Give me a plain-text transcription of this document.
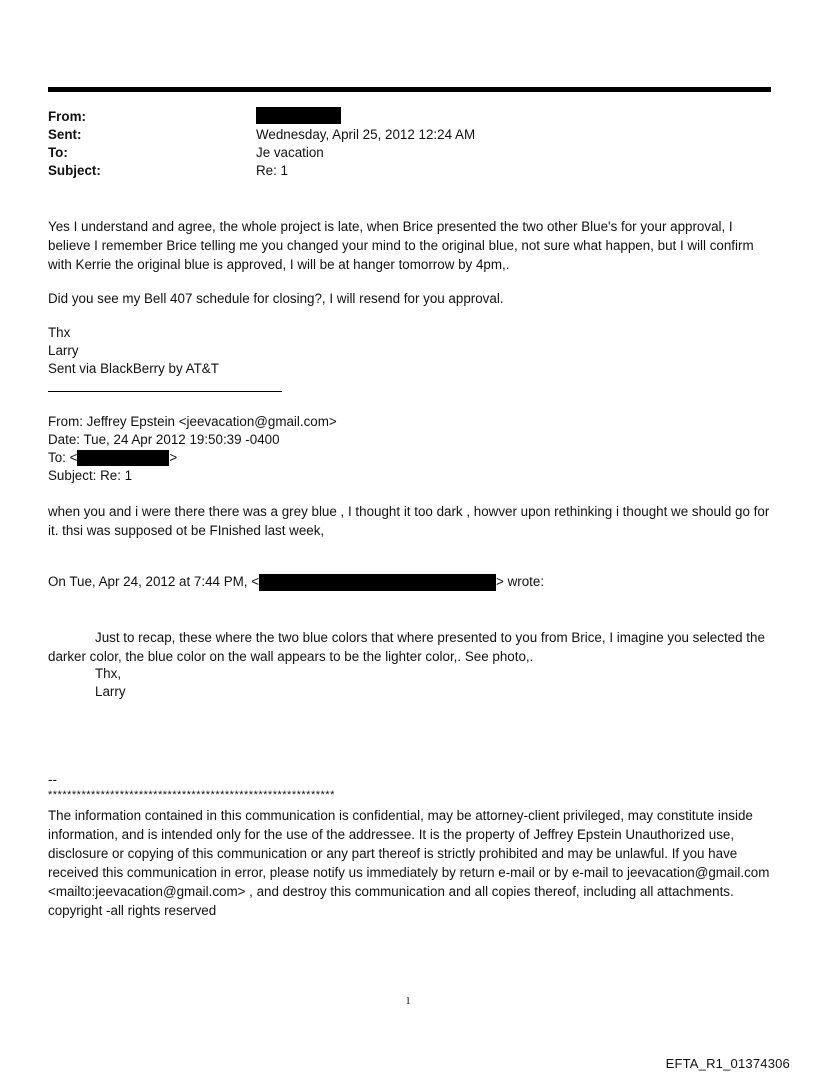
From:
Sent:	Wednesday, April 25, 2012 12:24 AM
To:	Je vacation
Subject:	Re: 1
Yes I understand and agree, the whole project is late, when Brice presented the two other Blue's for your approval, I believe I remember Brice telling me you changed your mind to the original blue, not sure what happen, but I will confirm with Kerrie the original blue is approved, I will be at hanger tomorrow by 4pm,.
Did you see my Bell 407 schedule for closing?, I will resend for you approval.
Thx
Larry
Sent via BlackBerry by AT&T
From: Jeffrey Epstein <jeevacation@gmail.com>
Date: Tue, 24 Apr 2012 19:50:39 -0400
To: <	>
Subject: Re: 1
when you and i were there there was a grey blue , I thought it too dark , howver upon rethinking i thought we should go for it. thsi was supposed ot be FInished last week,
On Tue, Apr 24, 2012 at 7:44 PM, <	> wrote:
Just to recap, these where the two blue colors that where presented to you from Brice, I imagine you selected the darker color, the blue color on the wall appears to be the lighter color,. See photo,.
Thx,
Larry
--
************************************************************
The information contained in this communication is confidential, may be attorney-client privileged, may constitute inside information, and is intended only for the use of the addressee. It is the property of Jeffrey Epstein Unauthorized use, disclosure or copying of this communication or any part thereof is strictly prohibited and may be unlawful. If you have received this communication in error, please notify us immediately by return e-mail or by e-mail to jeevacation@gmail.com <mailto:jeevacation@gmail.com> , and destroy this communication and all copies thereof, including all attachments. copyright -all rights reserved
1
EFTA_R1_01374306
